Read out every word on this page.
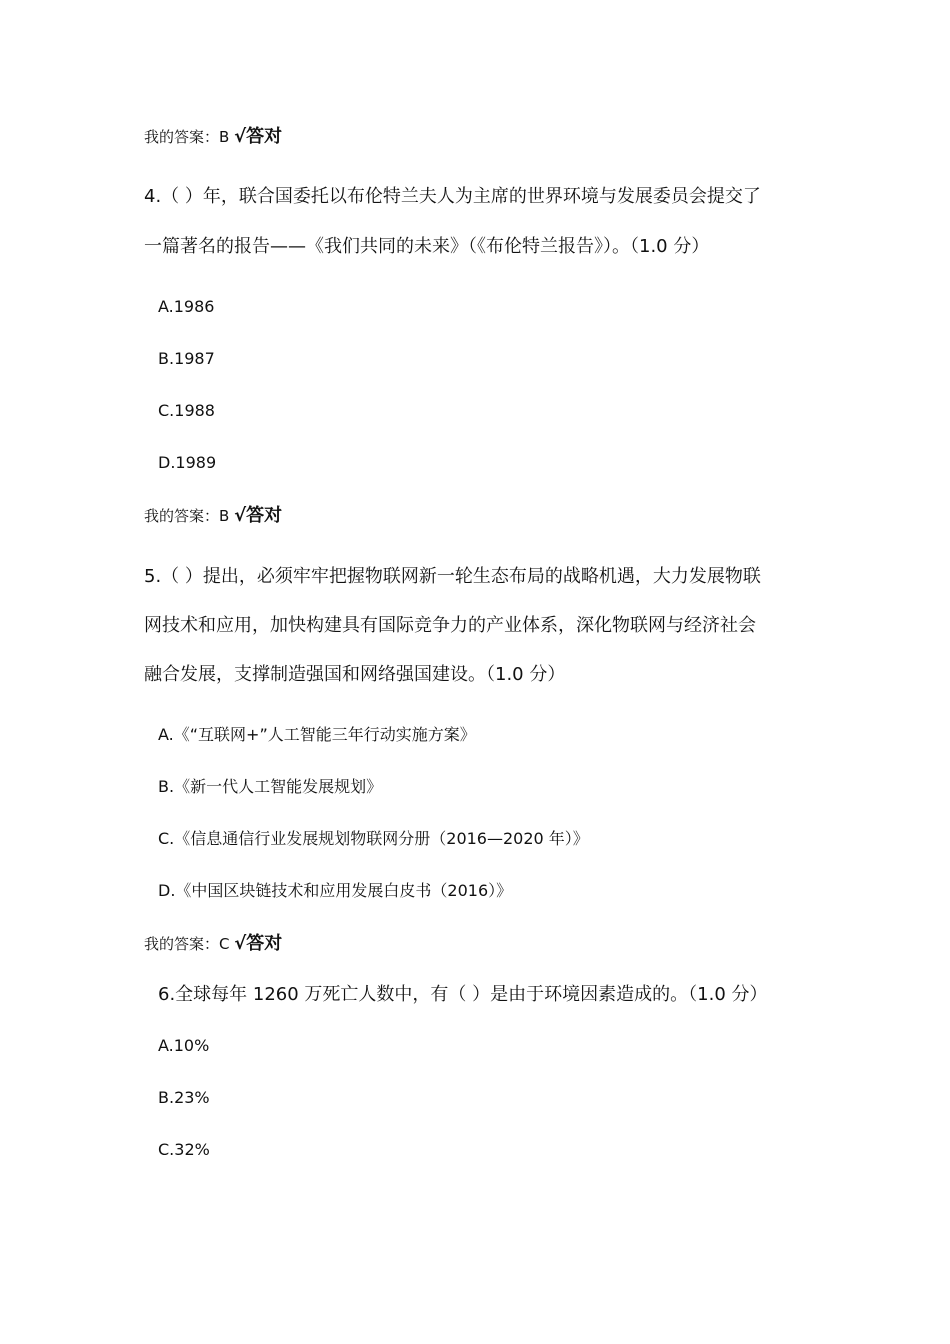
我的答案：B √答对
4.（ ）年，联合国委托以布伦特兰夫人为主席的世界环境与发展委员会提交了
一篇著名的报告——《我们共同的未来》（《布伦特兰报告》）。（1.0 分）
A.1986
B.1987
C.1988
D.1989
我的答案：B √答对
5.（ ）提出，必须牢牢把握物联网新一轮生态布局的战略机遇，大力发展物联
网技术和应用，加快构建具有国际竞争力的产业体系，深化物联网与经济社会
融合发展，支撑制造强国和网络强国建设。（1.0 分）
A.《“互联网+”人工智能三年行动实施方案》
B.《新一代人工智能发展规划》
C.《信息通信行业发展规划物联网分册（2016—2020 年）》
D.《中国区块链技术和应用发展白皮书（2016）》
我的答案：C √答对
6.全球每年 1260 万死亡人数中，有（ ）是由于环境因素造成的。（1.0 分）
A.10%
B.23%
C.32%
